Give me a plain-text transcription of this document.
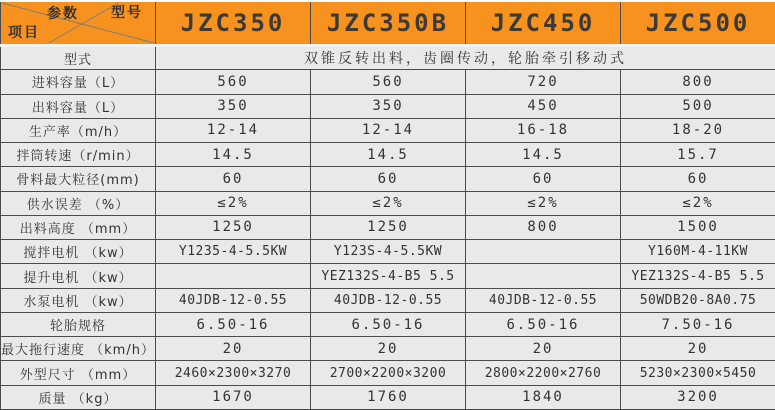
参数 型号
项目	JZC350	JZC350B	JZC450	JZC500
型式	双锥反转出料，齿圈传动，轮胎牵引移动式			
进料容量（L）	560	560	720	800
出料容量（L）	350	350	450	500
生产率（m/h）	12-14	12-14	16-18	18-20
拌筒转速（r/min）	14.5	14.5	14.5	15.7
骨料最大粒径(mm)	60	60	60	60
供水误差 （%）	≤2%	≤2%	≤2%	≤2%
出料高度 （mm）	1250	1250	800	1500
搅拌电机 （kw）	Y1235-4-5.5KW	Y123S-4-5.5KW		Y160M-4-11KW
提升电机 （kw）		YEZ132S-4-B5 5.5		YEZ132S-4-B5 5.5
水泵电机 （kw）	40JDB-12-0.55	40JDB-12-0.55	40JDB-12-0.55	50WDB20-8A0.75
轮胎规格	6.50-16	6.50-16	6.50-16	7.50-16
最大拖行速度 （km/h）	20	20	20	20
外型尺寸 （mm）	2460×2300×3270	2700×2200×3200	2800×2200×2760	5230×2300×5450
质量 （kg）	1670	1760	1840	3200
